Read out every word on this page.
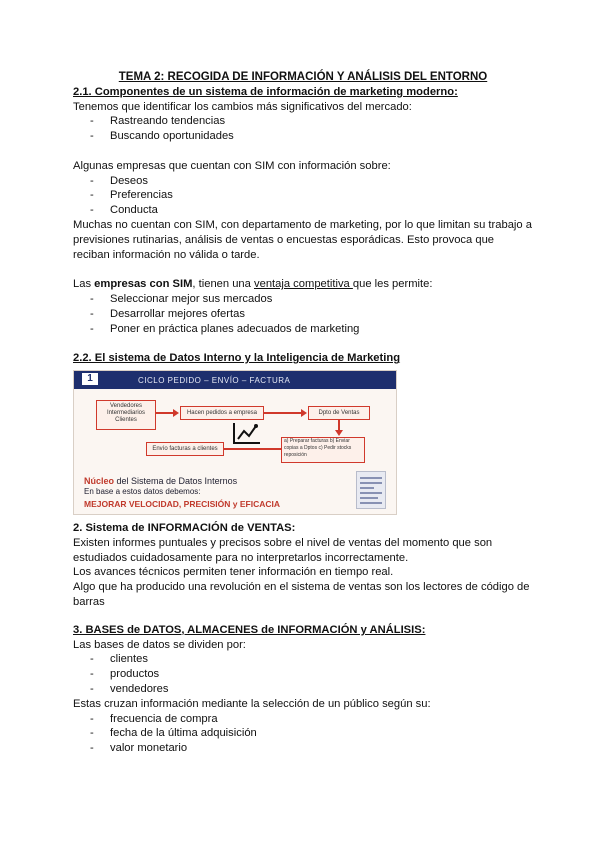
TEMA 2: RECOGIDA DE INFORMACIÓN Y ANÁLISIS DEL ENTORNO
2.1. Componentes de un sistema de información de marketing moderno:

Tenemos que identificar los cambios más significativos del mercado:

- Rastreando tendencias
- Buscando oportunidades

Algunas empresas que cuentan con SIM con información sobre:

- Deseos
- Preferencias
- Conducta

Muchas no cuentan con SIM, con departamento de marketing, por lo que limitan su trabajo a previsiones rutinarias, análisis de ventas o encuestas esporádicas. Esto provoca que reciban información no válida o tarde.

Las empresas con SIM, tienen una ventaja competitiva que les permite:

- Seleccionar mejor sus mercados
- Desarrollar mejores ofertas
- Poner en práctica planes adecuados de marketing
2.2. El sistema de Datos Interno y la Inteligencia de Marketing
1	CICLO PEDIDO – ENVÍO – FACTURA
Vendedores Intermediarios Clientes
Hacen pedidos a empresa	Dpto de Ventas
Envío facturas a clientes
a) Preparar facturas b) Enviar copias a Dptos c) Pedir stocks reposición
Núcleo del Sistema de Datos Internos
En base a estos datos debemos:
MEJORAR VELOCIDAD, PRECISIÓN y EFICACIA
2. Sistema de INFORMACIÓN de VENTAS:

Existen informes puntuales y precisos sobre el nivel de ventas del momento que son estudiados cuidadosamente para no interpretarlos incorrectamente.

Los avances técnicos permiten tener información en tiempo real.

Algo que ha producido una revolución en el sistema de ventas son los lectores de código de barras

3. BASES de DATOS, ALMACENES de INFORMACIÓN y ANÁLISIS:

Las bases de datos se dividen por:

- clientes
- productos
- vendedores

Estas cruzan información mediante la selección de un público según su:

- frecuencia de compra
- fecha de la última adquisición
- valor monetario
